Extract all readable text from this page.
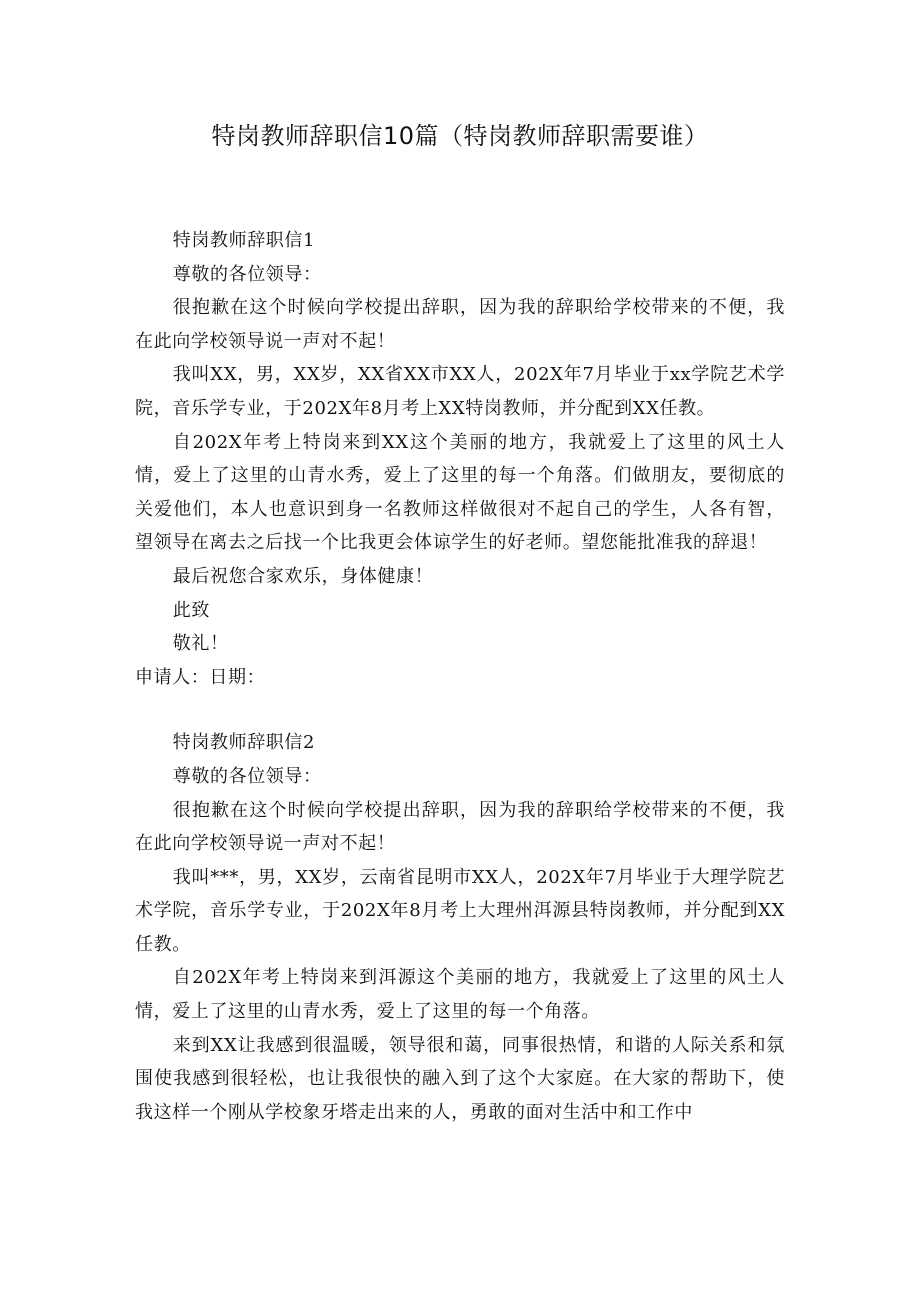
特岗教师辞职信10篇（特岗教师辞职需要谁）

特岗教师辞职信1

尊敬的各位领导：

很抱歉在这个时候向学校提出辞职，因为我的辞职给学校带来的不便，我在此向学校领导说一声对不起！

我叫XX，男，XX岁，XX省XX市XX人，202X年7月毕业于xx学院艺术学院，音乐学专业，于202X年8月考上XX特岗教师，并分配到XX任教。

自202X年考上特岗来到XX这个美丽的地方，我就爱上了这里的风土人情，爱上了这里的山青水秀，爱上了这里的每一个角落。们做朋友，要彻底的关爱他们，本人也意识到身一名教师这样做很对不起自己的学生，人各有智，望领导在离去之后找一个比我更会体谅学生的好老师。望您能批准我的辞退！

最后祝您合家欢乐，身体健康！

此致

敬礼！

申请人：日期：

特岗教师辞职信2

尊敬的各位领导：

很抱歉在这个时候向学校提出辞职，因为我的辞职给学校带来的不便，我在此向学校领导说一声对不起！

我叫***，男，XX岁，云南省昆明市XX人，202X年7月毕业于大理学院艺术学院，音乐学专业，于202X年8月考上大理州洱源县特岗教师，并分配到XX任教。

自202X年考上特岗来到洱源这个美丽的地方，我就爱上了这里的风土人情，爱上了这里的山青水秀，爱上了这里的每一个角落。

来到XX让我感到很温暖，领导很和蔼，同事很热情，和谐的人际关系和氛围使我感到很轻松，也让我很快的融入到了这个大家庭。在大家的帮助下，使我这样一个刚从学校象牙塔走出来的人，勇敢的面对生活中和工作中
